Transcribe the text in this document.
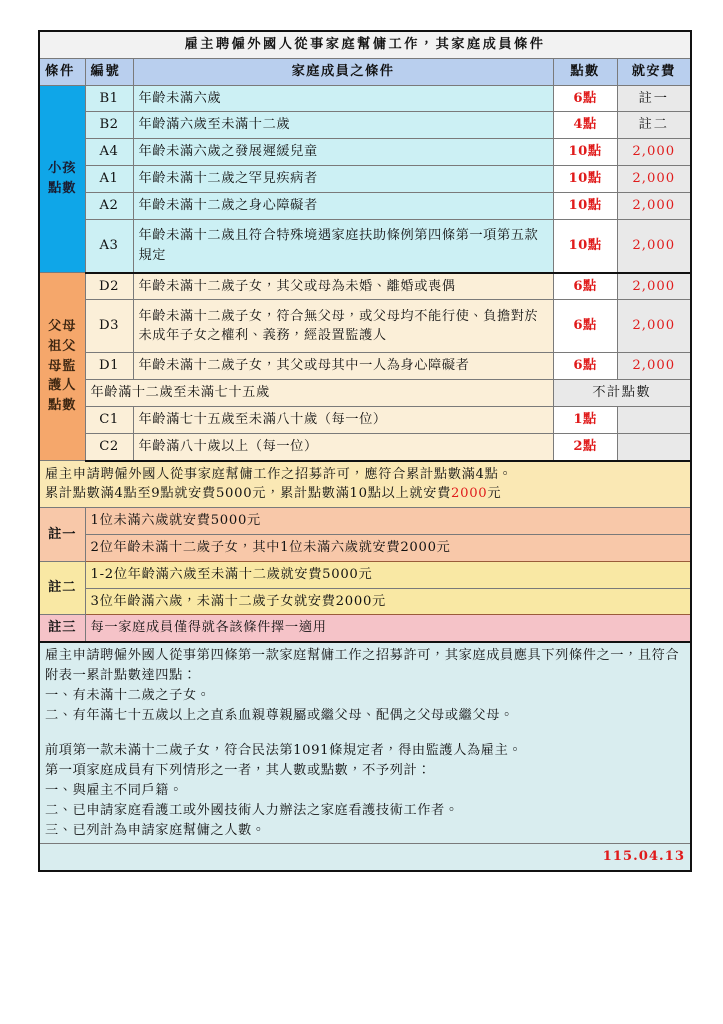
雇主聘僱外國人從事家庭幫傭工作，其家庭成員條件				
條件	編號	家庭成員之條件	點數	就安費

小孩點數	B1	年齡未滿六歲	6點	註一
	B2	年齡滿六歲至未滿十二歲	4點	註二
	A4	年齡未滿六歲之發展遲緩兒童	10點	2,000
	A1	年齡未滿十二歲之罕見疾病者	10點	2,000
	A2	年齡未滿十二歲之身心障礙者	10點	2,000
	A3	年齡未滿十二歲且符合特殊境遇家庭扶助條例第四條第一項第五款規定	10點	2,000

父母祖父母監護人點數	D2	年齡未滿十二歲子女，其父或母為未婚、離婚或喪偶	6點	2,000
	D3	年齡未滿十二歲子女，符合無父母，或父母均不能行使、負擔對於未成年子女之權利、義務，經設置監護人	6點	2,000
	D1	年齡未滿十二歲子女，其父或母其中一人為身心障礙者	6點	2,000
	年齡滿十二歲至未滿七十五歲		不計點數	
	C1	年齡滿七十五歲至未滿八十歲（每一位）	1點	
	C2	年齡滿八十歲以上（每一位）	2點	

雇主申請聘僱外國人從事家庭幫傭工作之招募許可，應符合累計點數滿4點。
累計點數滿4點至9點就安費5000元，累計點數滿10點以上就安費2000元				

註一	1位未滿六歲就安費5000元			
	2位年齡未滿十二歲子女，其中1位未滿六歲就安費2000元			
註二	1-2位年齡滿六歲至未滿十二歲就安費5000元			
	3位年齡滿六歲，未滿十二歲子女就安費2000元			
註三	每一家庭成員僅得就各該條件擇一適用			

雇主申請聘僱外國人從事第四條第一款家庭幫傭工作之招募許可，其家庭成員應具下列條件之一，且符合附表一累計點數達四點：

一、有未滿十二歲之子女。

二、有年滿七十五歲以上之直系血親尊親屬或繼父母、配偶之父母或繼父母。

前項第一款未滿十二歲子女，符合民法第1091條規定者，得由監護人為雇主。

第一項家庭成員有下列情形之一者，其人數或點數，不予列計：

一、與雇主不同戶籍。

二、已申請家庭看護工或外國技術人力辦法之家庭看護技術工作者。

三、已列計為申請家庭幫傭之人數。

115.04.13				
